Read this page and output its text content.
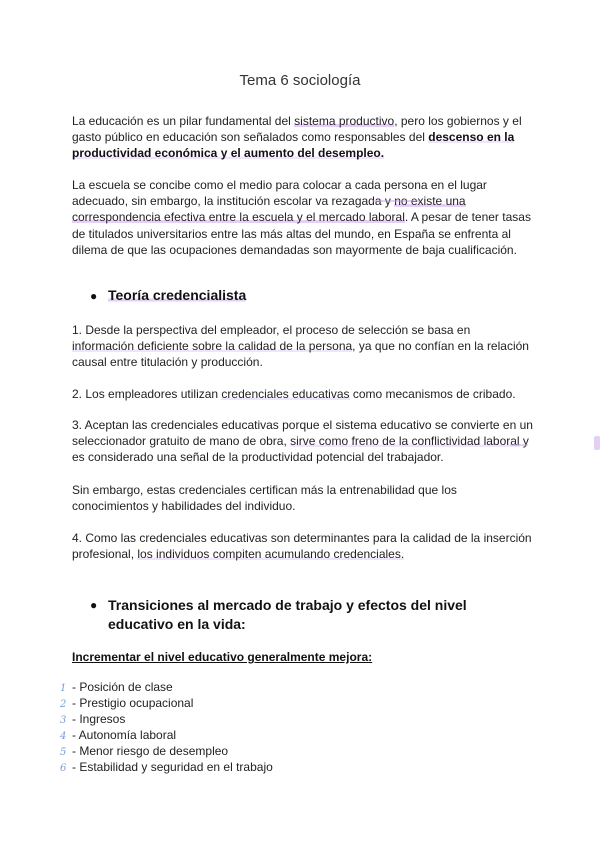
Tema 6 sociología
La educación es un pilar fundamental del sistema productivo, pero los gobiernos y el gasto público en educación son señalados como responsables del descenso en la productividad económica y el aumento del desempleo.
La escuela se concibe como el medio para colocar a cada persona en el lugar adecuado, sin embargo, la institución escolar va rezagada y no existe una correspondencia efectiva entre la escuela y el mercado laboral. A pesar de tener tasas de titulados universitarios entre las más altas del mundo, en España se enfrenta al dilema de que las ocupaciones demandadas son mayormente de baja cualificación.
● Teoría credencialista
1. Desde la perspectiva del empleador, el proceso de selección se basa en información deficiente sobre la calidad de la persona, ya que no confían en la relación causal entre titulación y producción.
2. Los empleadores utilizan credenciales educativas como mecanismos de cribado.
3. Aceptan las credenciales educativas porque el sistema educativo se convierte en un seleccionador gratuito de mano de obra, sirve como freno de la conflictividad laboral y es considerado una señal de la productividad potencial del trabajador.
Sin embargo, estas credenciales certifican más la entrenabilidad que los conocimientos y habilidades del individuo.
4. Como las credenciales educativas son determinantes para la calidad de la inserción profesional, los individuos compiten acumulando credenciales.
● Transiciones al mercado de trabajo y efectos del nivel educativo en la vida:
Incrementar el nivel educativo generalmente mejora:
1 - Posición de clase
2 - Prestigio ocupacional
3 - Ingresos
4 - Autonomía laboral
5 - Menor riesgo de desempleo
6 - Estabilidad y seguridad en el trabajo
